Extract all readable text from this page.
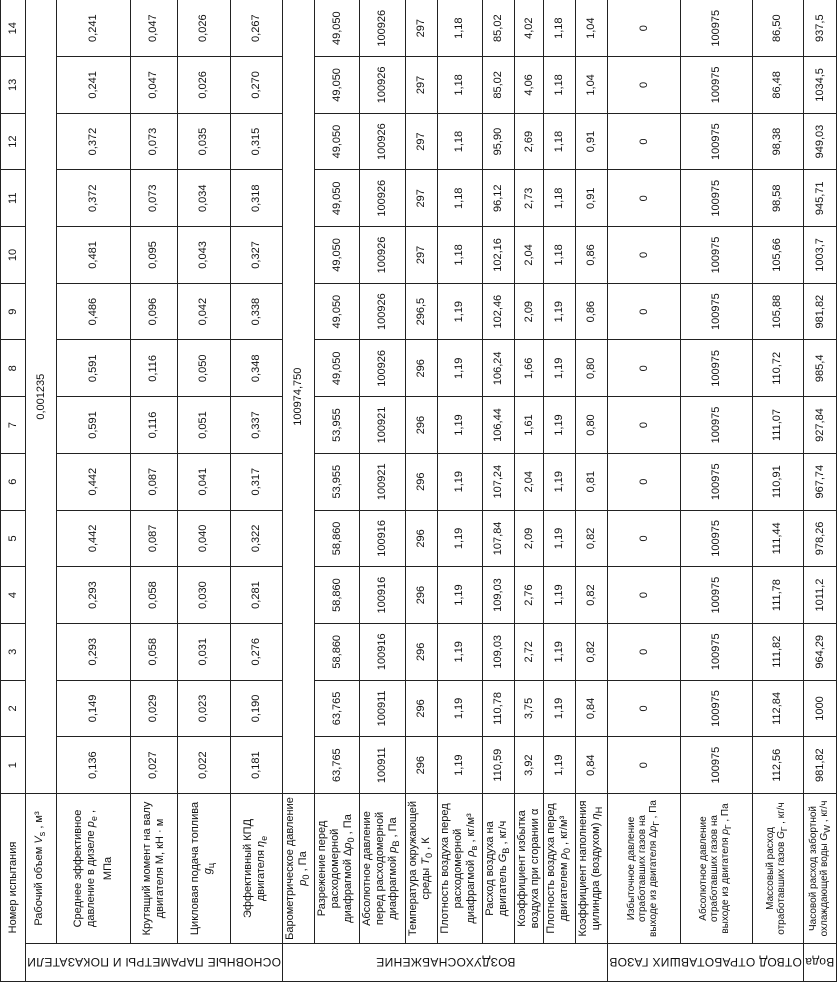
Номер испытания		1	2	3	4	5	6	7	8	9	10	11	12	13	14

ОСНОВНЫЕ ПАРАМЕТРЫ И ПОКАЗАТЕЛИ	Рабочий объем $V_s$ , м³	0,001235													
	Среднее эффективное давление в дизеле $p_e$ , МПа	0,136	0,149	0,293	0,293	0,442	0,442	0,591	0,591	0,486	0,481	0,372	0,372	0,241	0,241
	Крутящий момент на валу двигателя М, кН · м	0,027	0,029	0,058	0,058	0,087	0,087	0,116	0,116	0,096	0,095	0,073	0,073	0,047	0,047
	Цикловая подача топлива $g_ц$	0,022	0,023	0,031	0,030	0,040	0,041	0,051	0,050	0,042	0,043	0,034	0,035	0,026	0,026
	Эффективный КПД двигателя $\eta_e$	0,181	0,190	0,276	0,281	0,322	0,317	0,337	0,348	0,338	0,327	0,318	0,315	0,270	0,267

ВОЗДУХОСНАБЖЕНИЕ	Барометрическое давление $p_0$ , Па	100974,750													
	Разрежение перед расходомерной диафрагмой $\Delta p_0$ , Па	63,765	63,765	58,860	58,860	58,860	53,955	53,955	49,050	49,050	49,050	49,050	49,050	49,050	49,050
	Абсолютное давление перед расходомерной диафрагмой $p_B$ , Па	100911	100911	100916	100916	100916	100921	100921	100926	100926	100926	100926	100926	100926	100926
	Температура окружающей среды $T_0$ , К	296	296	296	296	296	296	296	296	296,5	297	297	297	297	297
	Плотность воздуха перед расходомерной диафрагмой $\rho_в$ , кг/м³	1,19	1,19	1,19	1,19	1,19	1,19	1,19	1,19	1,19	1,18	1,18	1,18	1,18	1,18
	Расход воздуха на двигатель $G_B$ , кг/ч	110,59	110,78	109,03	109,03	107,84	107,24	106,44	106,24	102,46	102,16	96,12	95,90	85,02	85,02
	Коэффициент избытка воздуха при сгорании α	3,92	3,75	2,72	2,76	2,09	2,04	1,61	1,66	2,09	2,04	2,73	2,69	4,06	4,02
	Плотность воздуха перед двигателем $\rho_0$ , кг/м³	1,19	1,19	1,19	1,19	1,19	1,19	1,19	1,19	1,19	1,18	1,18	1,18	1,18	1,18
	Коэффициент наполнения цилиндра (воздухом) $\eta_H$	0,84	0,84	0,82	0,82	0,82	0,81	0,80	0,80	0,86	0,86	0,91	0,91	1,04	1,04

ОТВОД ОТРАБОТАВШИХ ГАЗОВ	Избыточное давление отработавших газов на выходе из двигателя $\Delta p_Г$ , Па	0	0	0	0	0	0	0	0	0	0	0	0	0	0
	Абсолютное давление отработавших газов на выходе из двигателя $p_Г$ , Па	100975	100975	100975	100975	100975	100975	100975	100975	100975	100975	100975	100975	100975	100975
	Массовый расход отработавших газов $G_Г$ , кг/ч	112,56	112,84	111,82	111,78	111,44	110,91	111,07	110,72	105,88	105,66	98,58	98,38	86,48	86,50

Вода	Часовой расход забортной охлаждающей воды $G_W$ , кг/ч	981,82	1000	964,29	1011,2	978,26	967,74	927,84	985,4	981,82	1003,7	945,71	949,03	1034,5	937,5
